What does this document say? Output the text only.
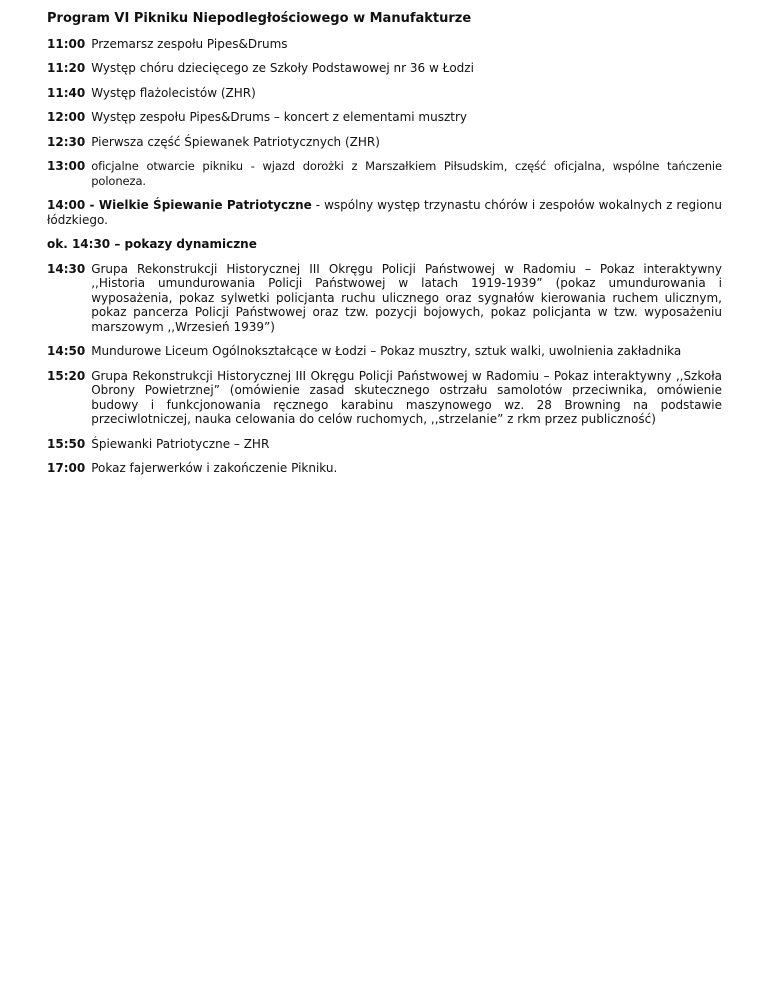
Program VI Pikniku Niepodległościowego w Manufakturze
11:00 Przemarsz zespołu Pipes&Drums
11:20 Występ chóru dziecięcego ze Szkoły Podstawowej nr 36 w Łodzi
11:40 Występ flażolecistów (ZHR)
12:00 Występ zespołu Pipes&Drums – koncert z elementami musztry
12:30 Pierwsza część Śpiewanek Patriotycznych (ZHR)
13:00 oficjalne otwarcie pikniku - wjazd dorożki z Marszałkiem Piłsudskim, część oficjalna, wspólne tańczenie poloneza.
14:00 - Wielkie Śpiewanie Patriotyczne - wspólny występ trzynastu chórów i zespołów wokalnych z regionu łódzkiego.
ok. 14:30 – pokazy dynamiczne
14:30 Grupa Rekonstrukcji Historycznej III Okręgu Policji Państwowej w Radomiu – Pokaz interaktywny ,,Historia umundurowania Policji Państwowej w latach 1919-1939” (pokaz umundurowania i wyposażenia, pokaz sylwetki policjanta ruchu ulicznego oraz sygnałów kierowania ruchem ulicznym, pokaz pancerza Policji Państwowej oraz tzw. pozycji bojowych, pokaz policjanta w tzw. wyposażeniu marszowym ,,Wrzesień 1939”)
14:50 Mundurowe Liceum Ogólnokształcące w Łodzi – Pokaz musztry, sztuk walki, uwolnienia zakładnika
15:20 Grupa Rekonstrukcji Historycznej III Okręgu Policji Państwowej w Radomiu – Pokaz interaktywny ,,Szkoła Obrony Powietrznej” (omówienie zasad skutecznego ostrzału samolotów przeciwnika, omówienie budowy i funkcjonowania ręcznego karabinu maszynowego wz. 28 Browning na podstawie przeciwlotniczej, nauka celowania do celów ruchomych, ,,strzelanie” z rkm przez publiczność)
15:50 Śpiewanki Patriotyczne – ZHR
17:00 Pokaz fajerwerków i zakończenie Pikniku.
